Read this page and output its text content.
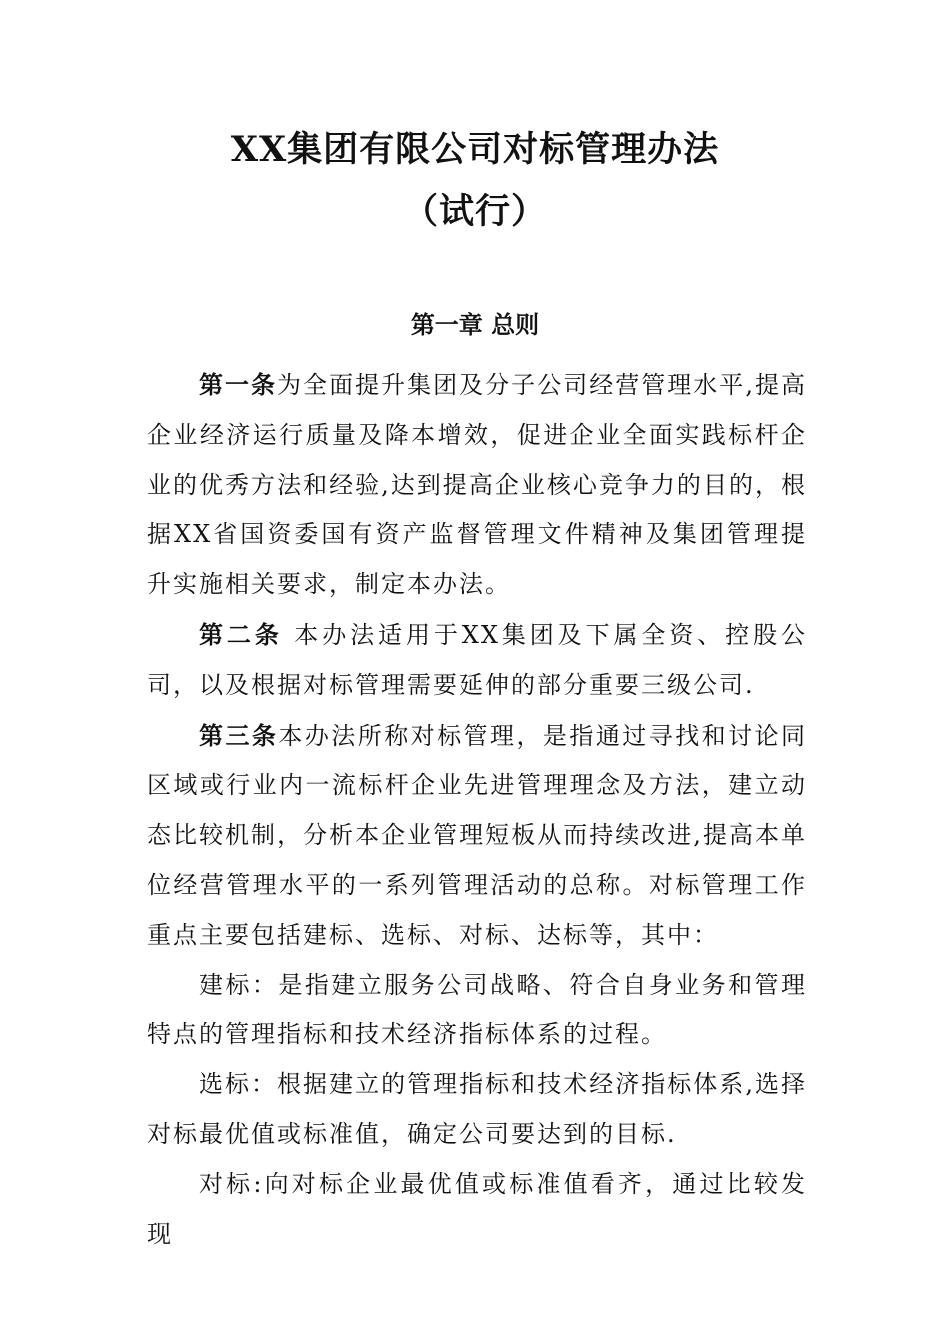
XX集团有限公司对标管理办法
（试行）
第一章 总则

第一条为全面提升集团及分子公司经营管理水平,提高企业经济运行质量及降本增效，促进企业全面实践标杆企业的优秀方法和经验,达到提高企业核心竞争力的目的，根据XX省国资委国有资产监督管理文件精神及集团管理提升实施相关要求，制定本办法。

第二条 本办法适用于XX集团及下属全资、控股公司，以及根据对标管理需要延伸的部分重要三级公司.

第三条本办法所称对标管理，是指通过寻找和讨论同区域或行业内一流标杆企业先进管理理念及方法，建立动态比较机制，分析本企业管理短板从而持续改进,提高本单位经营管理水平的一系列管理活动的总称。对标管理工作重点主要包括建标、选标、对标、达标等，其中：

建标：是指建立服务公司战略、符合自身业务和管理特点的管理指标和技术经济指标体系的过程。

选标：根据建立的管理指标和技术经济指标体系,选择对标最优值或标准值，确定公司要达到的目标.

对标:向对标企业最优值或标准值看齐，通过比较发现
